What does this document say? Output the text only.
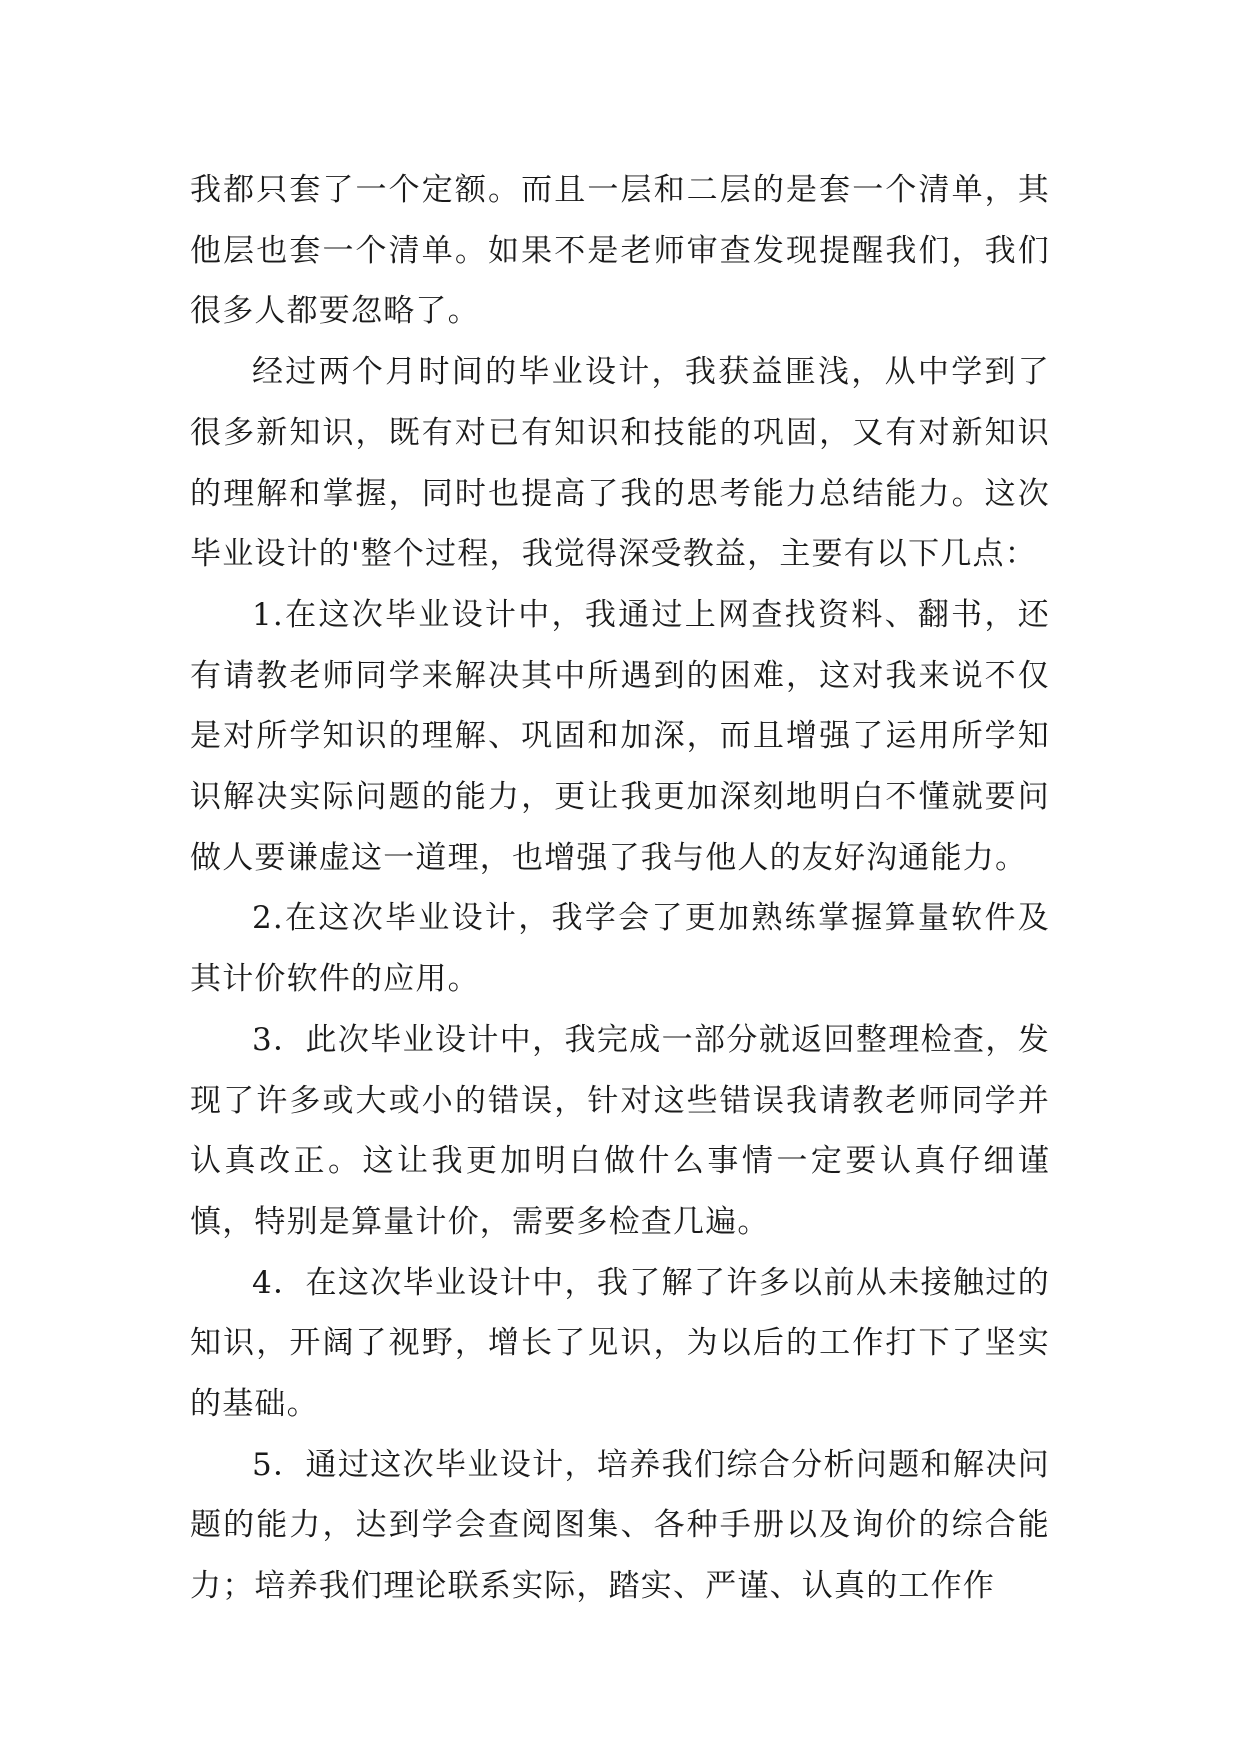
我都只套了一个定额。而且一层和二层的是套一个清单，其他层也套一个清单。如果不是老师审查发现提醒我们，我们很多人都要忽略了。

经过两个月时间的毕业设计，我获益匪浅，从中学到了很多新知识，既有对已有知识和技能的巩固，又有对新知识的理解和掌握，同时也提高了我的思考能力总结能力。这次毕业设计的'整个过程，我觉得深受教益，主要有以下几点：

1.在这次毕业设计中，我通过上网查找资料、翻书，还有请教老师同学来解决其中所遇到的困难，这对我来说不仅是对所学知识的理解、巩固和加深，而且增强了运用所学知识解决实际问题的能力，更让我更加深刻地明白不懂就要问做人要谦虚这一道理，也增强了我与他人的友好沟通能力。

2.在这次毕业设计，我学会了更加熟练掌握算量软件及其计价软件的应用。

3．此次毕业设计中，我完成一部分就返回整理检查，发现了许多或大或小的错误，针对这些错误我请教老师同学并认真改正。这让我更加明白做什么事情一定要认真仔细谨慎，特别是算量计价，需要多检查几遍。

4．在这次毕业设计中，我了解了许多以前从未接触过的知识，开阔了视野，增长了见识，为以后的工作打下了坚实的基础。

5．通过这次毕业设计，培养我们综合分析问题和解决问题的能力，达到学会查阅图集、各种手册以及询价的综合能力；培养我们理论联系实际，踏实、严谨、认真的工作作
